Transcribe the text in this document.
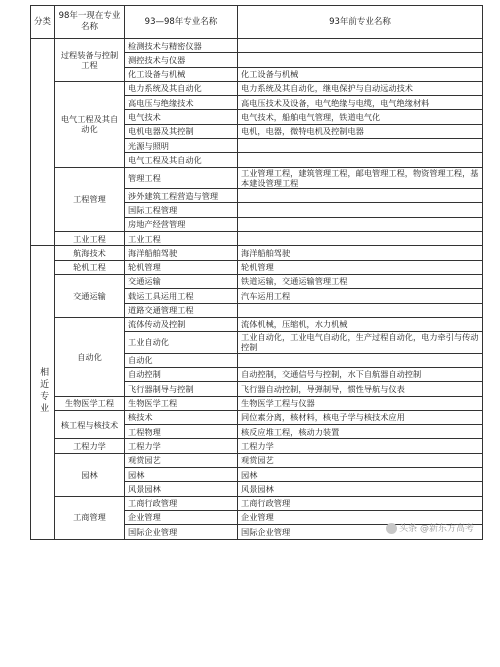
分类	98年一现在专业名称	93—98年专业名称	93年前专业名称
	过程装备与控制工程	检测技术与精密仪器	
		测控技术与仪器	
		化工设备与机械	化工设备与机械
	电气工程及其自动化	电力系统及其自动化	电力系统及其自动化，继电保护与自动远动技术
		高电压与绝缘技术	高电压技术及设备，电气绝缘与电缆，电气绝缘材料
		电气技术	电气技术，船舶电气管理，铁道电气化
		电机电器及其控制	电机，电器，微特电机及控制电器
		光源与照明	
		电气工程及其自动化	
	工程管理	管理工程	工业管理工程，建筑管理工程，邮电管理工程，物资管理工程，基本建设管理工程
		涉外建筑工程营造与管理	
		国际工程管理	
		房地产经营管理	
	工业工程	工业工程	
相近专业	航海技术	海洋船舶驾驶	海洋船舶驾驶
	轮机工程	轮机管理	轮机管理
	交通运输	交通运输	铁道运输，交通运输管理工程
		载运工具运用工程	汽车运用工程
		道路交通管理工程	
	自动化	流体传动及控制	流体机械，压缩机，水力机械
		工业自动化	工业自动化，工业电气自动化，生产过程自动化，电力牵引与传动控制
		自动化	
		自动控制	自动控制，交通信号与控制，水下自航器自动控制
		飞行器制导与控制	飞行器自动控制，导弹制导，惯性导航与仪表
	生物医学工程	生物医学工程	生物医学工程与仪器
	核工程与核技术	核技术	同位素分离，核材料，核电子学与核技术应用
		工程物理	核反应堆工程，核动力装置
	工程力学	工程力学	工程力学
	园林	观赏园艺	观赏园艺
		园林	园林
		风景园林	风景园林
	工商管理	工商行政管理	工商行政管理
		企业管理	企业管理
		国际企业管理	国际企业管理	头条 @新东方高考
